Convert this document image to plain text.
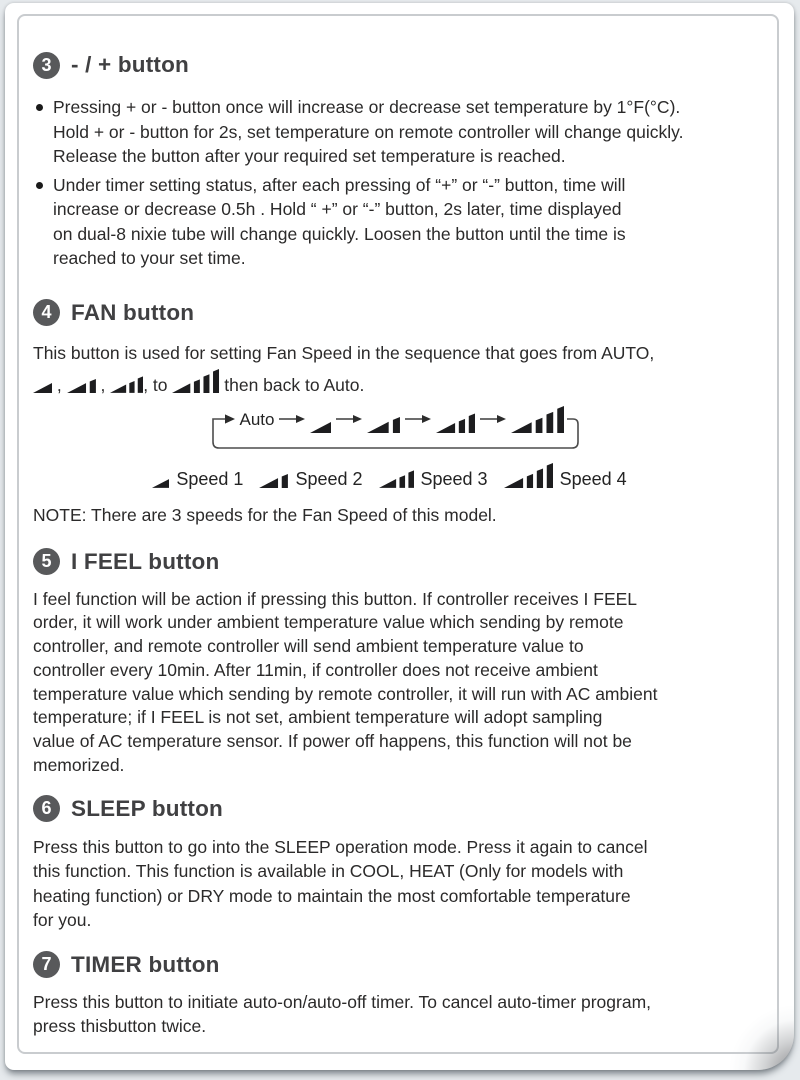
3 - / + button
Pressing + or - button once will increase or decrease set temperature by 1°F(°C).
Hold + or - button for 2s, set temperature on remote controller will change quickly.
Release the button after your required set temperature is reached.
Under timer setting status, after each pressing of “+” or “-” button, time will
increase or decrease 0.5h . Hold “ +” or “-” button, 2s later, time displayed
on dual-8 nixie tube will change quickly. Loosen the button until the time is
reached to your set time.
4 FAN button
This button is used for setting Fan Speed in the sequence that goes from AUTO,
, , , to	then back to Auto.
Auto
Speed 1	Speed 2	Speed 3	Speed 4
NOTE: There are 3 speeds for the Fan Speed of this model.
5 I FEEL button
I feel function will be action if pressing this button. If controller receives I FEEL
order, it will work under ambient temperature value which sending by remote
controller, and remote controller will send ambient temperature value to
controller every 10min. After 11min, if controller does not receive ambient
temperature value which sending by remote controller, it will run with AC ambient
temperature; if I FEEL is not set, ambient temperature will adopt sampling
value of AC temperature sensor. If power off happens, this function will not be
memorized.
6 SLEEP button
Press this button to go into the SLEEP operation mode. Press it again to cancel
this function. This function is available in COOL, HEAT (Only for models with
heating function) or DRY mode to maintain the most comfortable temperature
for you.
7 TIMER button
Press this button to initiate auto-on/auto-off timer. To cancel auto-timer program,
press thisbutton twice.
